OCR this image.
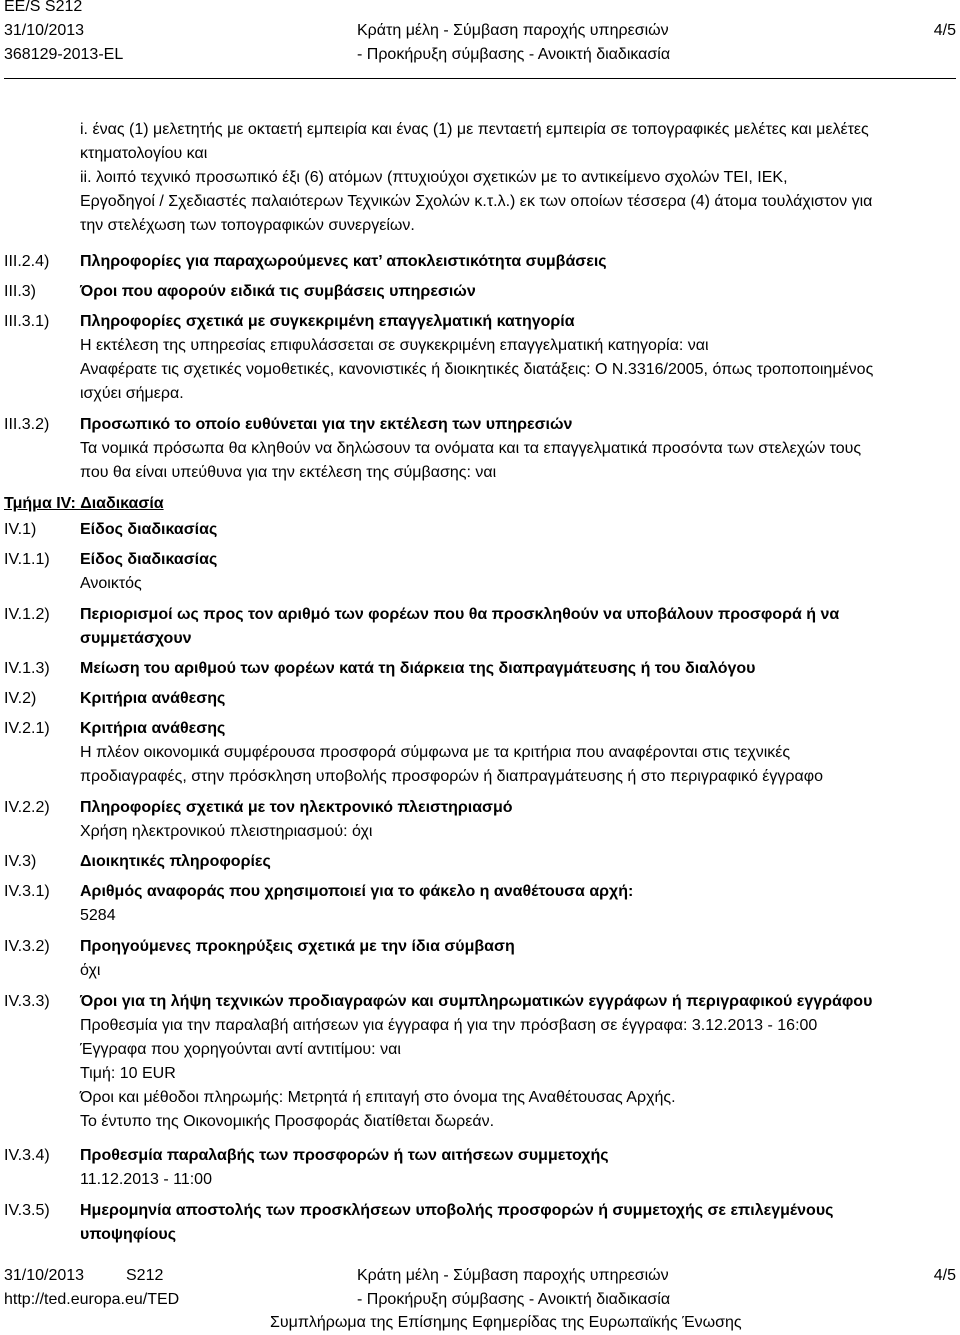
EE/S S212
31/10/2013
368129-2013-EL
Κράτη μέλη - Σύμβαση παροχής υπηρεσιών
- Προκήρυξη σύμβασης - Ανοικτή διαδικασία
4/5
i. ένας (1) μελετητής με οκταετή εμπειρία και ένας (1) με πενταετή εμπειρία σε τοπογραφικές μελέτες και μελέτες
κτηματολογίου και
ii. λοιπό τεχνικό προσωπικό έξι (6) ατόμων (πτυχιούχοι σχετικών με το αντικείμενο σχολών ΤΕΙ, ΙΕΚ,
Εργοδηγοί / Σχεδιαστές παλαιότερων Τεχνικών Σχολών κ.τ.λ.) εκ των οποίων τέσσερα (4) άτομα τουλάχιστον για
την στελέχωση των τοπογραφικών συνεργείων.
III.2.4) Πληροφορίες για παραχωρούμενες κατ’ αποκλειστικότητα συμβάσεις
III.3)	Όροι που αφορούν ειδικά τις συμβάσεις υπηρεσιών
III.3.1) Πληροφορίες σχετικά με συγκεκριμένη επαγγελματική κατηγορία
Η εκτέλεση της υπηρεσίας επιφυλάσσεται σε συγκεκριμένη επαγγελματική κατηγορία: ναι
Αναφέρατε τις σχετικές νομοθετικές, κανονιστικές ή διοικητικές διατάξεις: Ο Ν.3316/2005, όπως τροποποιημένος
ισχύει σήμερα.
III.3.2) Προσωπικό το οποίο ευθύνεται για την εκτέλεση των υπηρεσιών
Τα νομικά πρόσωπα θα κληθούν να δηλώσουν τα ονόματα και τα επαγγελματικά προσόντα των στελεχών τους
που θα είναι υπεύθυνα για την εκτέλεση της σύμβασης: ναι
Τμήμα IV: Διαδικασία
IV.1)	Είδος διαδικασίας
IV.1.1) Είδος διαδικασίας
Ανοικτός
IV.1.2) Περιορισμοί ως προς τον αριθμό των φορέων που θα προσκληθούν να υποβάλουν προσφορά ή να
συμμετάσχουν
IV.1.3) Μείωση του αριθμού των φορέων κατά τη διάρκεια της διαπραγμάτευσης ή του διαλόγου
IV.2)	Κριτήρια ανάθεσης
IV.2.1) Κριτήρια ανάθεσης
Η πλέον οικονομικά συμφέρουσα προσφορά σύμφωνα με τα κριτήρια που αναφέρονται στις τεχνικές
προδιαγραφές, στην πρόσκληση υποβολής προσφορών ή διαπραγμάτευσης ή στο περιγραφικό έγγραφο
IV.2.2) Πληροφορίες σχετικά με τον ηλεκτρονικό πλειστηριασμό
Χρήση ηλεκτρονικού πλειστηριασμού: όχι
IV.3)	Διοικητικές πληροφορίες
IV.3.1) Αριθμός αναφοράς που χρησιμοποιεί για το φάκελο η αναθέτουσα αρχή:
5284
IV.3.2) Προηγούμενες προκηρύξεις σχετικά με την ίδια σύμβαση
όχι
IV.3.3) Όροι για τη λήψη τεχνικών προδιαγραφών και συμπληρωματικών εγγράφων ή περιγραφικού εγγράφου
Προθεσμία για την παραλαβή αιτήσεων για έγγραφα ή για την πρόσβαση σε έγγραφα: 3.12.2013 - 16:00
Έγγραφα που χορηγούνται αντί αντιτίμου: ναι
Τιμή: 10 EUR
Όροι και μέθοδοι πληρωμής: Μετρητά ή επιταγή στο όνομα της Αναθέτουσας Αρχής.
Το έντυπο της Οικονομικής Προσφοράς διατίθεται δωρεάν.
IV.3.4) Προθεσμία παραλαβής των προσφορών ή των αιτήσεων συμμετοχής
11.12.2013 - 11:00
IV.3.5) Ημερομηνία αποστολής των προσκλήσεων υποβολής προσφορών ή συμμετοχής σε επιλεγμένους
υποψηφίους
31/10/2013	S212
http://ted.europa.eu/TED
Κράτη μέλη - Σύμβαση παροχής υπηρεσιών
- Προκήρυξη σύμβασης - Ανοικτή διαδικασία
Συμπλήρωμα της Επίσημης Εφημερίδας της Ευρωπαϊκής Ένωσης
4/5
